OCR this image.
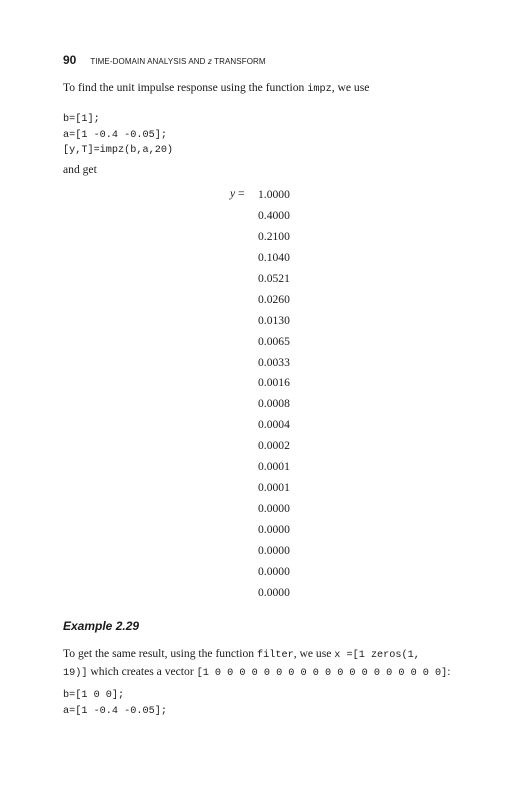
90 TIME-DOMAIN ANALYSIS AND z TRANSFORM

To find the unit impulse response using the function impz, we use

b=[1];
a=[1 -0.4 -0.05];
[y,T]=impz(b,a,20)

and get

y = 1.0000
0.4000
0.2100
0.1040
0.0521
0.0260
0.0130
0.0065
0.0033
0.0016
0.0008
0.0004
0.0002
0.0001
0.0001
0.0000
0.0000
0.0000
0.0000
0.0000

Example 2.29

To get the same result, using the function filter, we use x =[1 zeros(1,
19)] which creates a vector [1 0 0 0 0 0 0 0 0 0 0 0 0 0 0 0 0 0 0 0]:

b=[1 0 0];
a=[1 -0.4 -0.05];
